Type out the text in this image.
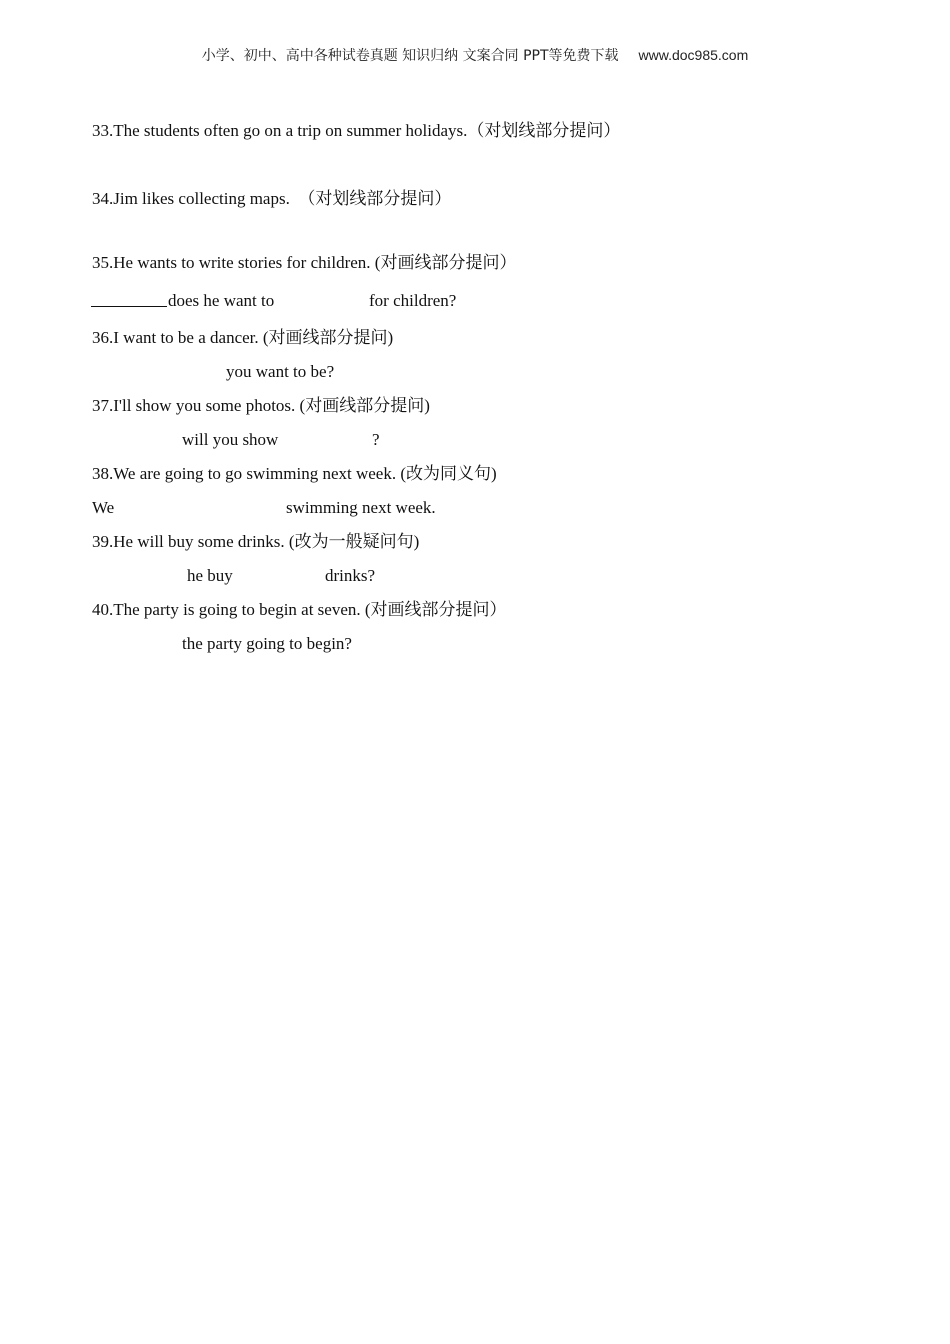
小学、初中、高中各种试卷真题 知识归纳 文案合同 PPT等免费下载 www.doc985.com
33.The students often go on a trip on summer holidays.（对划线部分提问）
34.Jim likes collecting maps.　（对划线部分提问）
35.He wants to write stories for children. (对画线部分提问）
does he want to	for children?
36.I want to be a dancer. (对画线部分提问)
you want to be?
37.I'll show you some photos. (对画线部分提问)
will you show	?
38.We are going to go swimming next week. (改为同义句)
We	swimming next week.
39.He will buy some drinks. (改为一般疑问句)
he buy	drinks?
40.The party is going to begin at seven. (对画线部分提问）
the party going to begin?
